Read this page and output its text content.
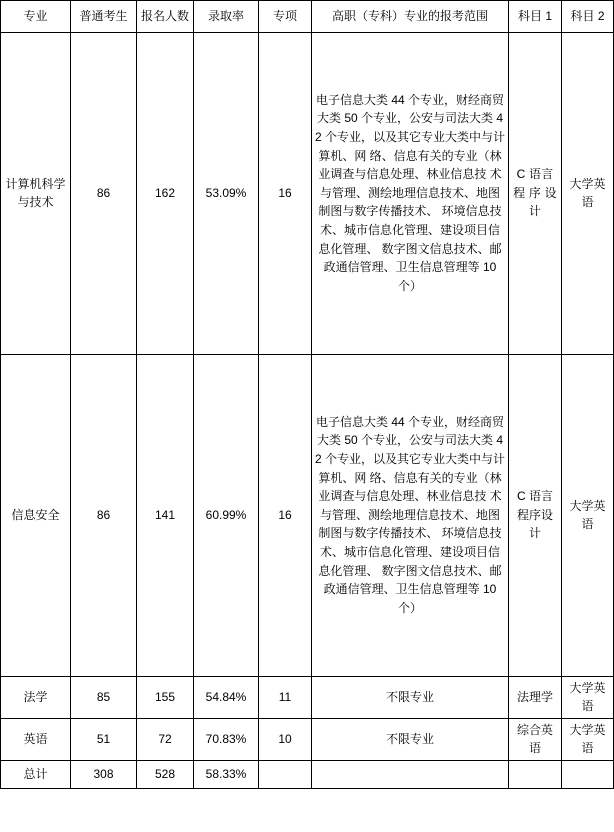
专业	普通考生	报名人数	录取率	专项	高职（专科）专业的报考范围	科目 1	科目 2
计算机科学与技术	86	162	53.09%	16	电子信息大类 44 个专业，财经商贸大类 50 个专业，公安与司法大类 42 个专业，以及其它专业大类中与计算机、网 络、信息有关的专业（林业调查与信息处理、林业信息技 术与管理、测绘地理信息技术、地图制图与数字传播技术、 环境信息技术、城市信息化管理、建设项目信息化管理、 数字图文信息技术、邮政通信管理、卫生信息管理等 10 个）	C 语言程 序 设计	大学英语
信息安全	86	141	60.99%	16	电子信息大类 44 个专业，财经商贸大类 50 个专业，公安与司法大类 42 个专业，以及其它专业大类中与计算机、网 络、信息有关的专业（林业调查与信息处理、林业信息技 术与管理、测绘地理信息技术、地图制图与数字传播技术、 环境信息技术、城市信息化管理、建设项目信息化管理、 数字图文信息技术、邮政通信管理、卫生信息管理等 10 个）	C 语言程序设计	大学英语
法学	85	155	54.84%	11	不限专业	法理学	大学英语
英语	51	72	70.83%	10	不限专业	综合英语	大学英语
总计	308	528	58.33%				
